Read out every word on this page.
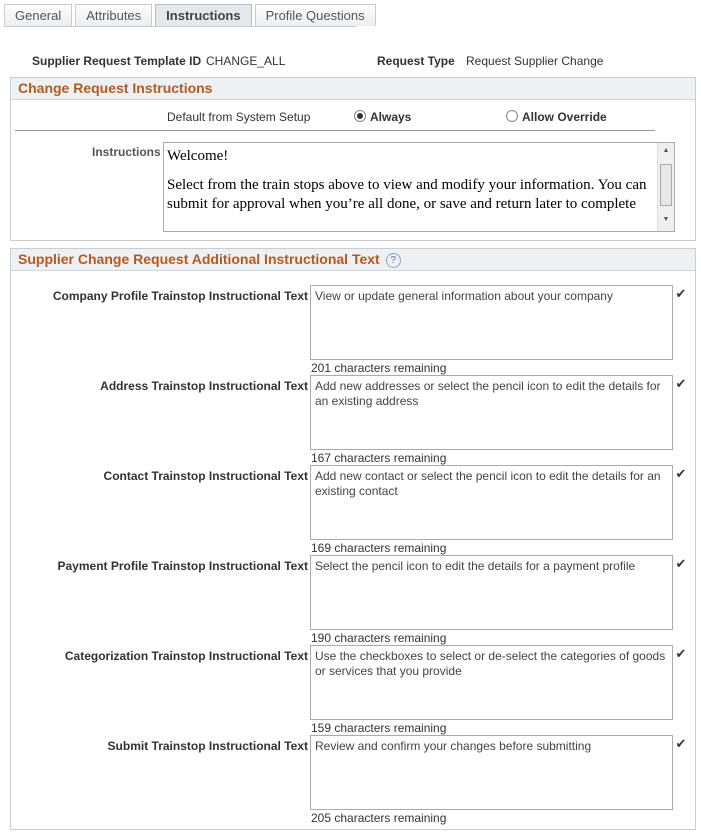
General	Attributes	Instructions	Profile Questions
Supplier Request Template ID CHANGE_ALL	Request Type Request Supplier Change
Change Request Instructions
Default from System Setup	Always	Allow Override
Instructions Welcome!
Select from the train stops above to view and modify your information. You can submit for approval when you’re all done, or save and return later to complete
▲
▼
Supplier Change Request Additional Instructional Text ?
Company Profile Trainstop Instructional Text View or update general information about your company	✔
201 characters remaining
Address Trainstop Instructional Text Add new addresses or select the pencil icon to edit the details for an existing address
✔
167 characters remaining
Contact Trainstop Instructional Text Add new contact or select the pencil icon to edit the details for an existing contact
✔
169 characters remaining
Payment Profile Trainstop Instructional Text Select the pencil icon to edit the details for a payment profile	✔
190 characters remaining
Categorization Trainstop Instructional Text Use the checkboxes to select or de-select the categories of goods or services that you provide
✔
159 characters remaining
Submit Trainstop Instructional Text Review and confirm your changes before submitting	✔
205 characters remaining
